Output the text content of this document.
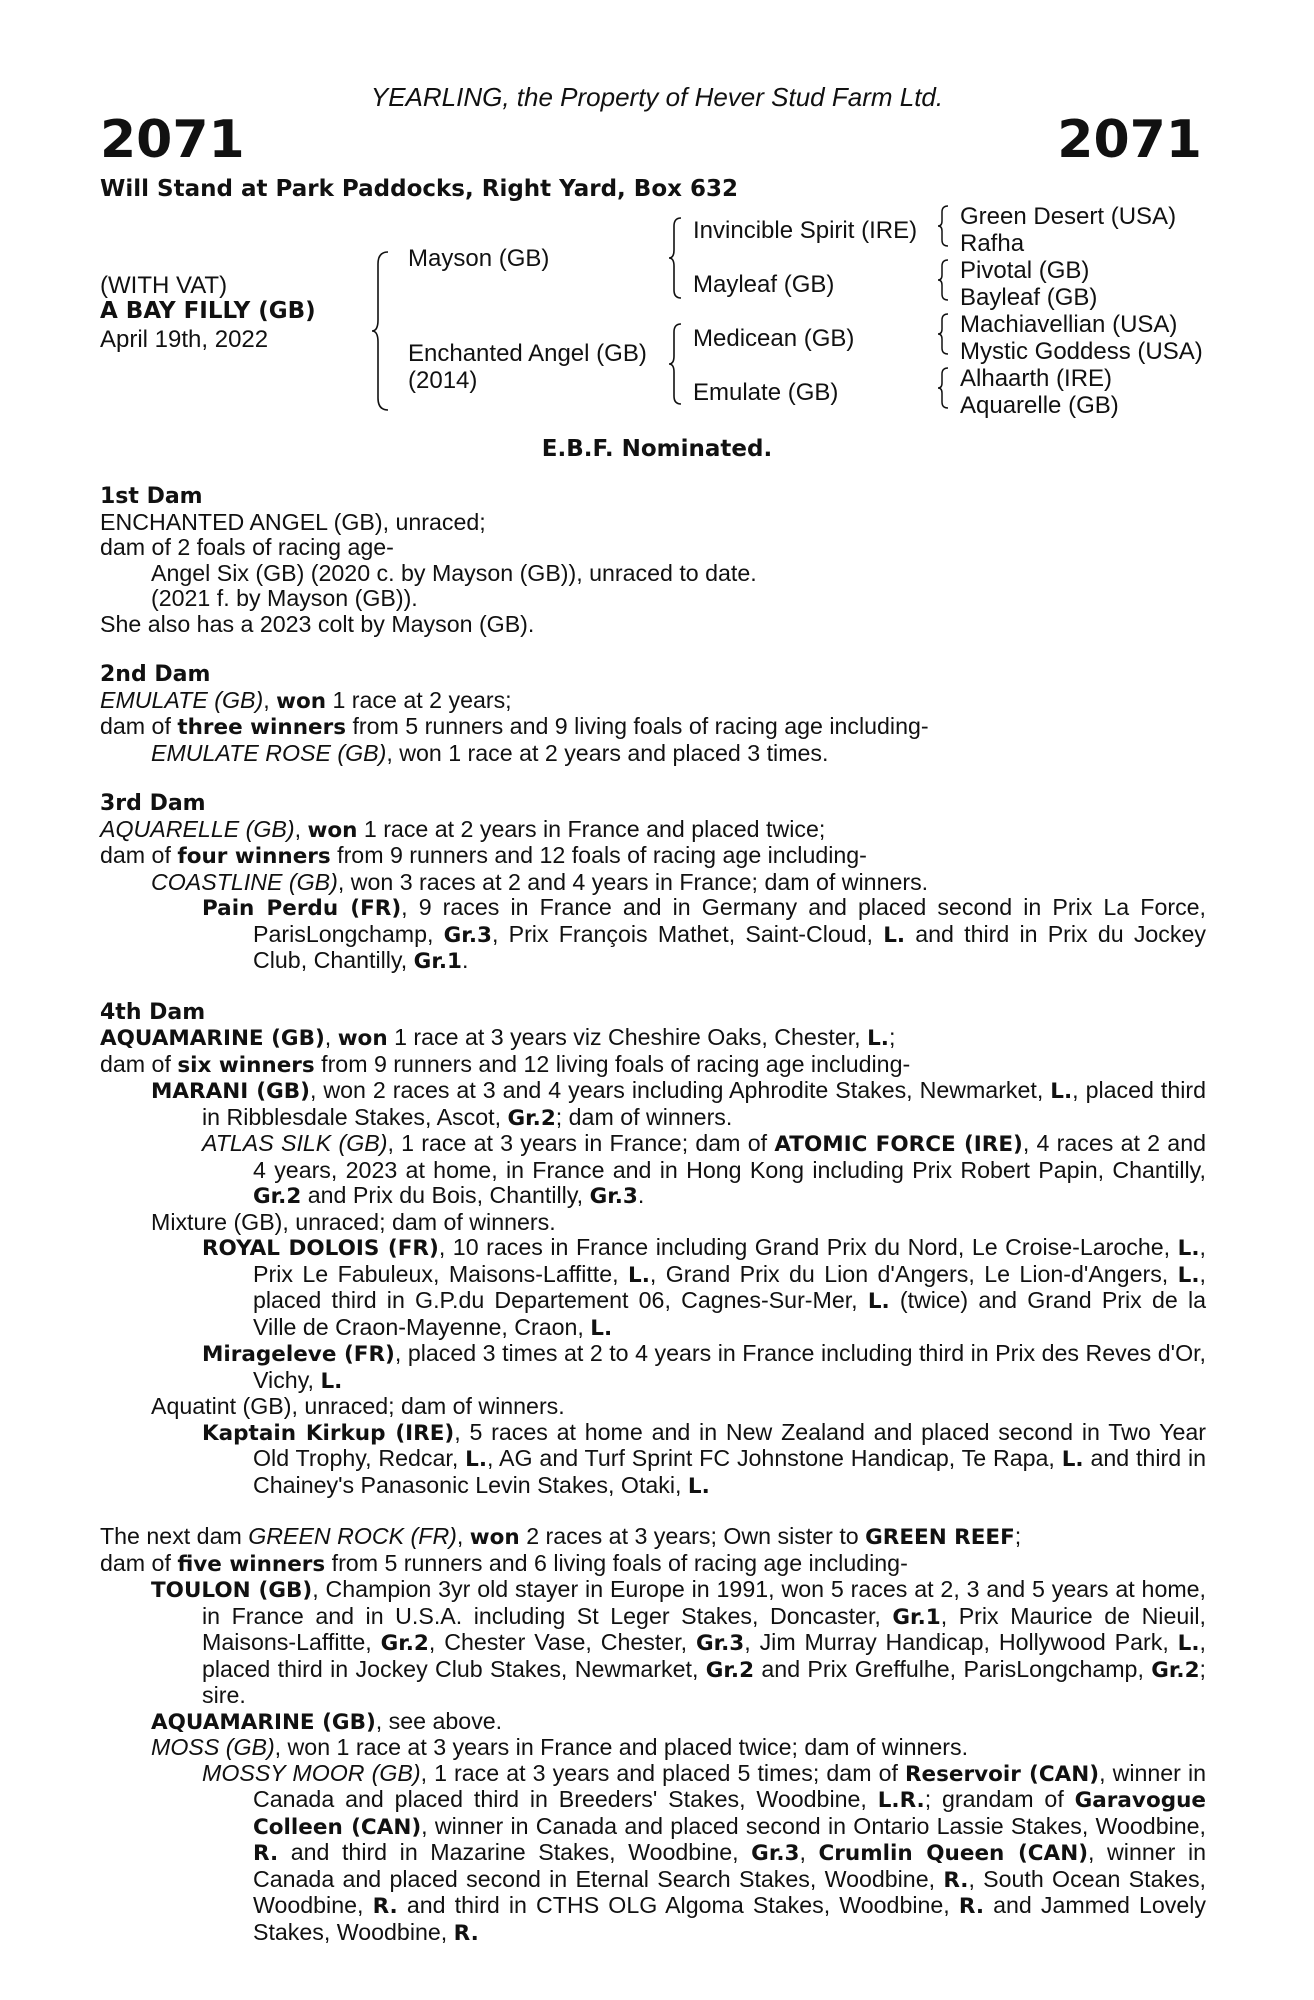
YEARLING, the Property of Hever Stud Farm Ltd.
2071	2071
Will Stand at Park Paddocks, Right Yard, Box 632
(WITH VAT)
A BAY FILLY (GB)
April 19th, 2022
Mayson (GB)
Enchanted Angel (GB)
(2014)
Invincible Spirit (IRE)
Mayleaf (GB)
Medicean (GB)
Emulate (GB)
Green Desert (USA)
Rafha
Pivotal (GB)
Bayleaf (GB)
Machiavellian (USA)
Mystic Goddess (USA)
Alhaarth (IRE)
Aquarelle (GB)
E.B.F. Nominated.

1st Dam

ENCHANTED ANGEL (GB), unraced;

dam of 2 foals of racing age-

Angel Six (GB) (2020 c. by Mayson (GB)), unraced to date.

(2021 f. by Mayson (GB)).

She also has a 2023 colt by Mayson (GB).

2nd Dam

EMULATE (GB), won 1 race at 2 years;

dam of three winners from 5 runners and 9 living foals of racing age including-

EMULATE ROSE (GB), won 1 race at 2 years and placed 3 times.

3rd Dam

AQUARELLE (GB), won 1 race at 2 years in France and placed twice;

dam of four winners from 9 runners and 12 foals of racing age including-

COASTLINE (GB), won 3 races at 2 and 4 years in France; dam of winners.

Pain Perdu (FR), 9 races in France and in Germany and placed second in Prix La Force, ParisLongchamp, Gr.3, Prix François Mathet, Saint-Cloud, L. and third in Prix du Jockey Club, Chantilly, Gr.1.

4th Dam

AQUAMARINE (GB), won 1 race at 3 years viz Cheshire Oaks, Chester, L.;

dam of six winners from 9 runners and 12 living foals of racing age including-

MARANI (GB), won 2 races at 3 and 4 years including Aphrodite Stakes, Newmarket, L., placed third in Ribblesdale Stakes, Ascot, Gr.2; dam of winners.

ATLAS SILK (GB), 1 race at 3 years in France; dam of ATOMIC FORCE (IRE), 4 races at 2 and 4 years, 2023 at home, in France and in Hong Kong including Prix Robert Papin, Chantilly, Gr.2 and Prix du Bois, Chantilly, Gr.3.

Mixture (GB), unraced; dam of winners.

ROYAL DOLOIS (FR), 10 races in France including Grand Prix du Nord, Le Croise-Laroche, L., Prix Le Fabuleux, Maisons-Laffitte, L., Grand Prix du Lion d'Angers, Le Lion-d'Angers, L., placed third in G.P.du Departement 06, Cagnes-Sur-Mer, L. (twice) and Grand Prix de la Ville de Craon-Mayenne, Craon, L.

Mirageleve (FR), placed 3 times at 2 to 4 years in France including third in Prix des Reves d'Or, Vichy, L.

Aquatint (GB), unraced; dam of winners.

Kaptain Kirkup (IRE), 5 races at home and in New Zealand and placed second in Two Year Old Trophy, Redcar, L., AG and Turf Sprint FC Johnstone Handicap, Te Rapa, L. and third in Chainey's Panasonic Levin Stakes, Otaki, L.

The next dam GREEN ROCK (FR), won 2 races at 3 years; Own sister to GREEN REEF;

dam of five winners from 5 runners and 6 living foals of racing age including-

TOULON (GB), Champion 3yr old stayer in Europe in 1991, won 5 races at 2, 3 and 5 years at home, in France and in U.S.A. including St Leger Stakes, Doncaster, Gr.1, Prix Maurice de Nieuil, Maisons-Laffitte, Gr.2, Chester Vase, Chester, Gr.3, Jim Murray Handicap, Hollywood Park, L., placed third in Jockey Club Stakes, Newmarket, Gr.2 and Prix Greffulhe, ParisLongchamp, Gr.2; sire.

AQUAMARINE (GB), see above.

MOSS (GB), won 1 race at 3 years in France and placed twice; dam of winners.

MOSSY MOOR (GB), 1 race at 3 years and placed 5 times; dam of Reservoir (CAN), winner in Canada and placed third in Breeders' Stakes, Woodbine, L.R.; grandam of Garavogue Colleen (CAN), winner in Canada and placed second in Ontario Lassie Stakes, Woodbine, R. and third in Mazarine Stakes, Woodbine, Gr.3, Crumlin Queen (CAN), winner in Canada and placed second in Eternal Search Stakes, Woodbine, R., South Ocean Stakes, Woodbine, R. and third in CTHS OLG Algoma Stakes, Woodbine, R. and Jammed Lovely Stakes, Woodbine, R.
